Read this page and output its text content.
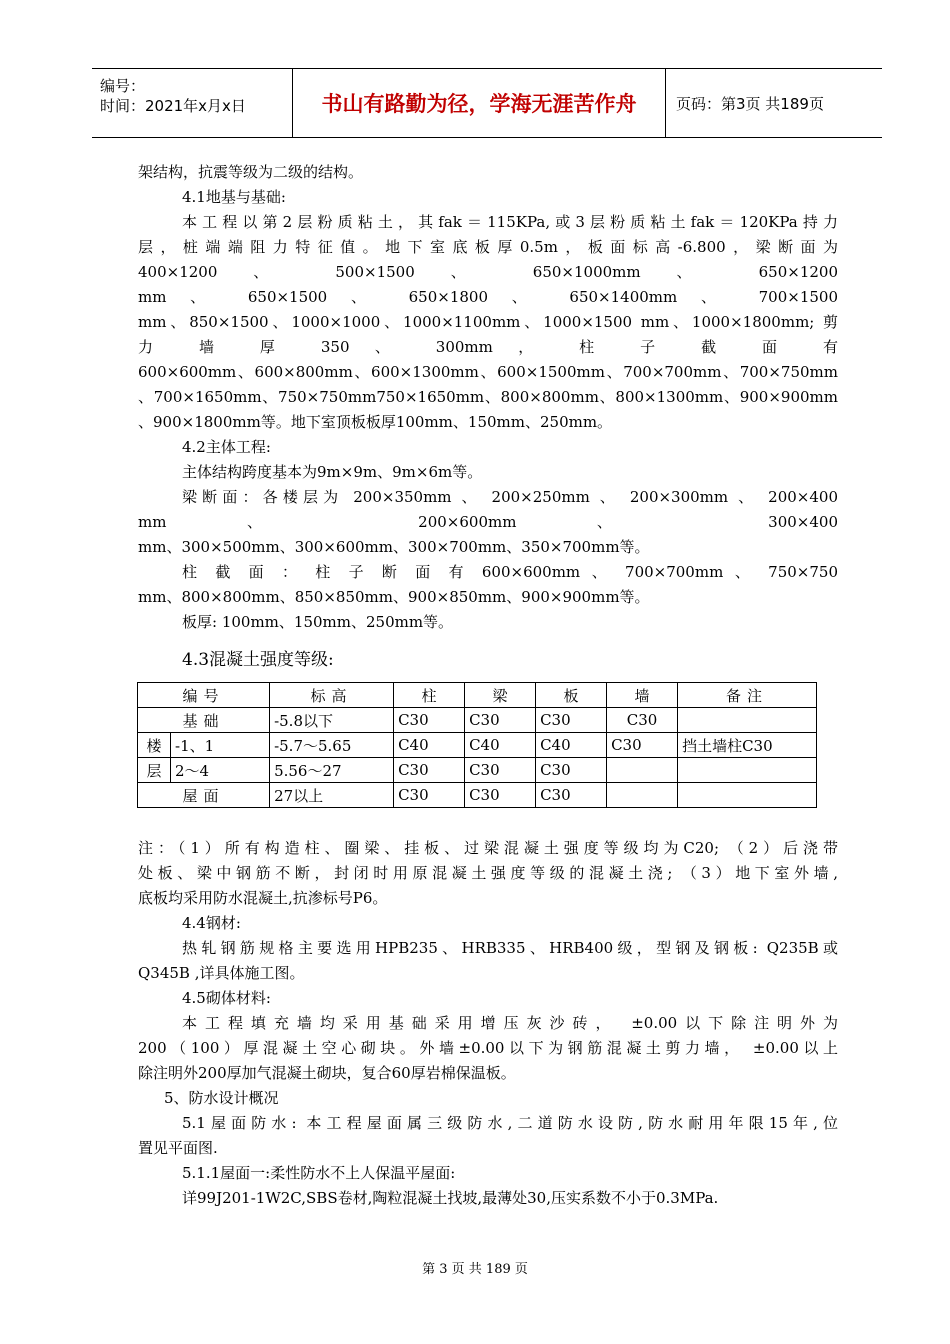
编号：
时间：2021年x月x日	书山有路勤为径，学海无涯苦作舟	页码：第3页 共189页
架结构，抗震等级为二级的结构。
4.1地基与基础:
本工程以第2层粉质粘土，其fak＝115KPa,或3层粉质粘土fak＝120KPa持力
层，桩端端阻力特征值。地下室底板厚0.5m，板面标高-6.800，梁断面为
400×1200 、 500×1500 、 650×1000mm 、 650×1200
mm 、 650×1500 、 650×1800 、 650×1400mm 、 700×1500
mm、850×1500、1000×1000、1000×1100mm、1000×1500 mm、1000×1800mm; 剪
力 墙 厚 350 、 300mm ， 柱 子 截 面 有
600×600mm、600×800mm、600×1300mm、600×1500mm、700×700mm、700×750mm
、700×1650mm、750×750mm750×1650mm、800×800mm、800×1300mm、900×900mm
、900×1800mm等。地下室顶板板厚100mm、150mm、250mm。
4.2主体工程:
主体结构跨度基本为9m×9m、9m×6m等。
梁断面：各楼层为 200×350mm 、 200×250mm 、 200×300mm 、 200×400
mm 、 200×600mm 、 300×400
mm、300×500mm、300×600mm、300×700mm、350×700mm等。
柱 截 面 ： 柱 子 断 面 有 600×600mm 、 700×700mm 、 750×750
mm、800×800mm、850×850mm、900×850mm、900×900mm等。
板厚: 100mm、150mm、250mm等。
4.3混凝土强度等级:
编号		标高	柱	梁	板	墙	备注
基础		-5.8以下	C30	C30	C30	C30	
楼	-1、1	-5.7～5.65	C40	C40	C40	C30	挡土墙柱C30
层	2～4	5.56～27	C30	C30	C30		
屋面		27以上	C30	C30	C30		
注：（1）所有构造柱、圈梁、挂板、过梁混凝土强度等级均为C20; （2）后浇带
处板、梁中钢筋不断，封闭时用原混凝土强度等级的混凝土浇; （3）地下室外墙,
底板均采用防水混凝土,抗渗标号P6。
4.4钢材:
热轧钢筋规格主要选用HPB235、HRB335、HRB400级，型钢及钢板: Q235B或
Q345B ,详具体施工图。
4.5砌体材料:
本工程填充墙均采用基础采用增压灰沙砖， ±0.00以下除注明外为
200（100）厚混凝土空心砌块。外墙±0.00以下为钢筋混凝土剪力墙， ±0.00以上
除注明外200厚加气混凝土砌块，复合60厚岩棉保温板。
5、防水设计概况
5.1屋面防水: 本工程屋面属三级防水,二道防水设防,防水耐用年限15年,位
置见平面图.
5.1.1屋面一:柔性防水不上人保温平屋面:
详99J201-1W2C,SBS卷材,陶粒混凝土找坡,最薄处30,压实系数不小于0.3MPa.
第 3 页 共 189 页
